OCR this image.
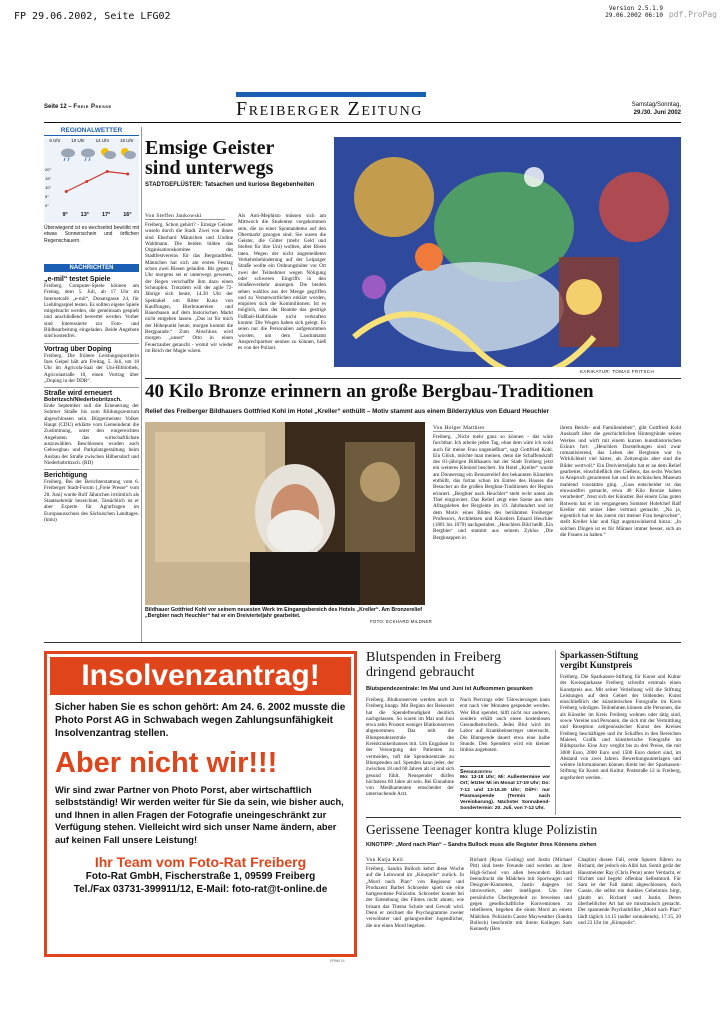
FP 29.06.2002, Seite LFG02
Version 2.5.1.9
29.06.2002 06:10 pdf.ProPag
Seite 12 – Freie Presse	Freiberger Zeitung	Samstag/Sonntag,
29./30. Juni 2002
REGIONALWETTER
6 Uhr 10 Uhr 14 Uhr 16 Uhr
20°
15°
10°
5°
0°
9° 13° 17° 16°

Überwiegend ist es wechselnd bewölkt mit etwas Sonnenschein und örtlichen Regenschauern.

NACHRICHTEN
„e-mil“ testet Spiele

Freiberg. Computer-Spiele können am Freitag, dem 5. Juli, ab 17 Uhr im Internetcafé „e-mil“, Donatsgasse 24, für Lieblingsspiel testen. Es sollten eigene Spiele mitgebracht werden, die gemeinsam gespielt und anschließend bewertet werden. Vorher sind Interessierte zur Foto- und Bildbearbeitung eingeladen. Beide Angebote sind kostenfrei.

Vortrag über Doping

Freiberg. Die frühere Leistungssportlerin Ines Geipel hält am Freitag, 5. Juli, um 18 Uhr im Agricola-Saal der Uni-Bibliothek, Agricolastraße 10, einen Vortrag über „Doping in der DDR“.

Straße wird erneuert
Bobritzsch/Niederbobritzsch.

Ende September soll die Erneuerung der Sohrner Straße bis zum Bildungszentrum abgeschlossen sein. Bürgermeister Volker Haupt (CDU) erklärte vom Gemeinderat die Zustimmung, unter den eingereichten Angeboten das wirtschaftlichste auszuwählen. Beschlossen wurden auch Gehwegbau und Parkplatzgestaltung beim Ausbau der Straße zwischen Hilbersdorf und Niederbobritzsch. (RD)

Berichtigung

Freiberg. Bei der Berichterstattung vom 6. Freiberger Stadt-Forum („Freie Presse“ vom 28. Juni) wurde Rolf Jähnichen irrtümlich als Staatssekretär bezeichnet. Tatsächlich ist er aber Experte für Agrarfragen im Europaausschuss des Sächsischen Landtages. (kmu)

Emsige Geister
sind unterwegs
STADTGEFLÜSTER: Tatsachen und kuriose Begebenheiten
Von Steffen Jankowski

Freiberg. Schon gehört? - Emsige Geister wuseln durch die Stadt. Zwei von ihnen sind Eberhard Männchen und Undine Waldmann. Die beiden bilden das Organisationskomitee des Stadtfestvereins für das Bergstadtfest. Männchen hat sich am ersten Festtag schon zwei Blasen gelaufen. Bis gegen 1 Uhr morgens sei er unterwegs gewesen, der Regen verschaffte ihm dazu einen Schnupfen. Trotzdem will der agile 72-Jährige sich heute, 14.30 Uhr der Spektakel um Ritter Kunz von Kauffungen, Bierbrauereien und Bauerbasen auf dem historischen Markt nicht entgehen lassen. „Das ist für mich der Höhepunkt heute, morgen kommt die Bergparade.“ Zum Abschluss wird morgen „unser“ Otto in einen Feuerzauber getaucht - womit wir wieder im Reich der Magie wären.

Als Anti-Mephisto müssen sich am Mittwoch die Studenten vorgekommen sein, die zu einer Spontandemo auf den Obermarkt gezogen sind. Sie waren die Geister, die Götter (mehr Geld und Stellen für ihre Uni) wollten, aber Böses taten. Wegen der nicht angemeldeten Verkehrsbehinderung auf der Leipziger Straße wollte ein Ordnungshüter vor Ort zwei der Teilnehmer wegen Nötigung oder schweren Eingriffs in den Straßenverkehr anzeigen. Die beiden sehen wahllos aus der Menge gegriffen und zu Verantwortlichen erklärt worden, empören sich die Kommilitonen. Ist es möglich, dass der Beamte das gestrige Fußball-Halbfinale nicht verkraften konnte. Die Wogen haben sich gelegt. Es seien nur die Personalien aufgenommen worden, um dem Landratsamt Ansprechpartner nennen zu können, hieß es von der Polizei.

KARIKATUR: TOMAS FRITSCH
40 Kilo Bronze erinnern an große Bergbau-Traditionen
Relief des Freiberger Bildhauers Gottfried Kohl im Hotel „Kreller“ enthüllt – Motiv stammt aus einem Bilderzyklus von Eduard Heuchler

Bildhauer Gottfried Kohl vor seinem neuesten Werk im Eingangsbereich des Hotels „Kreller“. Am Bronzerelief „Bergbier nach Heuchler“ hat er ein Dreivierteljahr gearbeitet.

FOTO: ECKHARD MILDNER
Von Holger Matthies

Freiberg. „Nicht mehr ganz so können - das wäre furchtbar. Ich arbeite jeden Tag, ohne dem wäre ich wohl auch für meine Frau ungenießbar“, sagt Gottfried Kohl. Ein Glück, möchte man meinen, denn die Schaffenskraft des 81-jährigen Bildhauers hat der Stadt Freiberg jetzt ein weiteres Kleinod beschert. Im Hotel „Kreller“ wurde am Donnerstag ein Bronzerelief des bekannten Künstlers enthüllt, das fortan schon im Entree des Hauses die Besucher an die großen Bergbau-Traditionen der Region erinnert. „Bergbier nach Heuchler“ steht recht unten als Titel eingraviert. Das Relief zeigt eine Szene aus dem Alltagsleben der Bergleute im 19. Jahrhundert und ist dem Motiv eines Bildes des berühmten Freiberger Professors, Architekten und Künstlers Eduard Heuchler (1801 bis 1879) nachgestaltet. „Heuchlers Bild heißt ‚Ein Bergbier‘ und stammt aus seinem Zyklus ‚Die Bergknappen in

ihrem Berufs- und Familienleben“, gibt Gottfried Kohl Auskunft über die geschichtlichen Hintergründe seines Werkes und wirft mit einem kurzen kunsthistorischen Exkurs fort: „Heuchlers Darstellungen sind zwar romantisierend, das Leben der Bergleute war in Wirklichkeit viel härter, als Zeitzeugnis aber sind die Bilder wertvoll.“ Ein Dreivierteljahr hat er an dem Relief gearbeitet, einschließlich des Gießens, das sechs Wochen in Anspruch genommen hat und im technischen Museum mahlend vonstatten ging. „Guss entscheidet ist das einwandfrei gemacht, etwa 40 Kilo Bronze haben verarbeitet“, freut sich der Künstler. Bei einem Glas guten Rotwein hat er im vergangenen Sommer Hotelchef Ralf Kreller mit seiner Idee vertraut gemacht. „Na ja, eigentlich hat er das zuerst mit meiner Frau besprochen“, stellt Kreller klar und fügt augenzwinkernd hinzu: „In solchen Dingen ist es für Männer immer besser, sich an die Frauen zu halten.“

Insolvenzantrag!

Sicher haben Sie es schon gehört: Am 24. 6. 2002 musste die Photo Porst AG in Schwabach wegen Zahlungsunfähigkeit Insolvenzantrag stellen.

Aber nicht wir!!!

Wir sind zwar Partner von Photo Porst, aber wirtschaftlich selbstständig! Wir werden weiter für Sie da sein, wie bisher auch, und Ihnen in allen Fragen der Fotografie uneingeschränkt zur Verfügung stehen. Vielleicht wird sich unser Name ändern, aber auf keinen Fall unsere Leistung!

Ihr Team vom Foto-Rat Freiberg
Foto-Rat GmbH, Fischerstraße 1, 09599 Freiberg
Tel./Fax 03731-399911/12, E-Mail: foto-rat@t-online.de
FPBM 14
Blutspenden in Freiberg
dringend gebraucht
Blutspendezentrale: Im Mai und Juni ist Aufkommen gesunken

Freiberg. Blutkonserven werden auch in Freiberg knapp. Mit Beginn der Reisezeit hat die Spendefreudigkeit deutlich nachgelassen. So waren im Mai und Juni etwa zehn Prozent weniger Blutkonserven abgenommen. Das teilt die Blutspendezentrale des Kreiskrankenhauses mit. Um Engpässe in der Versorgung der Patienten zu vermeiden, ruft die Spendezentrale zu Blutspenden auf. Spenden kann jeder, der zwischen 18 und 68 Jahren alt ist und sich gesund fühlt. Neuspender dürfen höchstens 60 Jahre alt sein. Bei Einnahme von Medikamenten entscheidet der untersuchende Arzt.

Nach Piercings oder Tätowierungen kann erst nach vier Monaten gespendet werden. Wer Blut spendet, hilft nicht nur anderen, sondern erhält auch einen kostenlosen Gesundheitscheck. Jedes Blut wird im Labor auf Krankheitserreger untersucht. Die Blutspende dauert etwa eine halbe Stunde. Den Spendern wird ein kleiner Imbiss angeboten.

Spendezeiten

Mo: 13-18 Uhr; Mi: Außentermine vor Ort; letzter Mi im Monat 17-19 Uhr; Do: 7-12 und 13-16.30 Uhr; Di/Fr: nur Plasmaspende (Termin nach Vereinbarung). Nächster Sonnabend-Sondertermin: 20. Juli, von 7-12 Uhr.

Sparkassen-Stiftung
vergibt Kunstpreis

Freiberg. Die Sparkassen-Stiftung für Kunst und Kultur der Kreissparkasse Freiberg schreibt erstmals einen Kunstpreis aus. Mit seiner Verleihung will die Stiftung Leistungen auf dem Gebiet der bildenden Kunst einschließlich der künstlerischen Fotografie im Kreis Freiberg würdigen. Teilnehmen können alle Personen, die als Künstler im Kreis Freiberg wohnen oder tätig sind, sowie Vereine und Personen, die sich mit der Vermittlung und Rezeption zeitgenössischer Kunst des Kreises Freiberg beschäftigen und ihr Schaffen in den Bereichen Malerei, Grafik und künstlerische Fotografie im Bildsprache. Eine Jury vergibt bis zu drei Preise, die mit 3000 Euro, 2000 Euro und 1500 Euro dotiert sind, im Abstand von zwei Jahren. Bewerbungsunterlagen und weitere Informationen können direkt bei der Sparkassen-Stiftung für Kunst und Kultur, Poststraße 12 in Freiberg, angefordert werden.

Gerissene Teenager kontra kluge Polizistin
KINOTIPP: „Mord nach Plan“ – Sandra Bullock muss alle Register ihres Könnens ziehen
Von Katja Keil

Freiberg. Sandra Bullock kehrt diese Woche auf die Leinwand im „Kinopolis“ zurück. In „Mord nach Plan“ von Regisseur und Produzent Barbet Schroeder spielt sie eine hartgesottene Polizistin. Schroeder konnte bei der Entstehung des Filmes nicht ahnen, wie brisant das Thema Schule und Gewalt wird. Denn er zeichnet die Psychogramme zweier verwöhnter und gelangweilter Jugendlicher, die nur einen Mord begehen.

Richard (Ryan Gosling) und Justin (Michael Pitt) sind beste Freunde und werden an ihrer High-School von allen bewundert. Richard beeindruckt die Mädchen mit Sportwagen und Designer-Klamotten, Justin dagegen ist introvertiert, aber intelligent. Um ihre persönliche Überlegenheit zu beweisen und gegen gesellschaftliche Konventionen zu rebellieren, begehen die einen Mord an einem Mädchen. Polizistin Cassie Mayweather (Sandra Bullock) beschreibt mit ihrem Kollegen Sam Kennedy (Ben

Chaplin) diesen Fall, erste Spuren führen zu Richard, der jedoch ein Alibi hat. Somit gerät der Hausmeister Ray (Chris Penn) unter Verdacht, er flüchtet und begeht offenbar Selbstmord. Für Sam ist der Fall damit abgeschlossen, doch Cassie, die selbst ein dunkles Geheimnis birgt, glaubt an Richard und Justin. Deren überheblicher Art hat sie misstrauisch gemacht. Der spannende Psychothriller „Mord nach Plan“ läuft täglich 14.15 (außer sonnabends), 17.15, 20 und 23 Uhr im „Kinopolis“.
